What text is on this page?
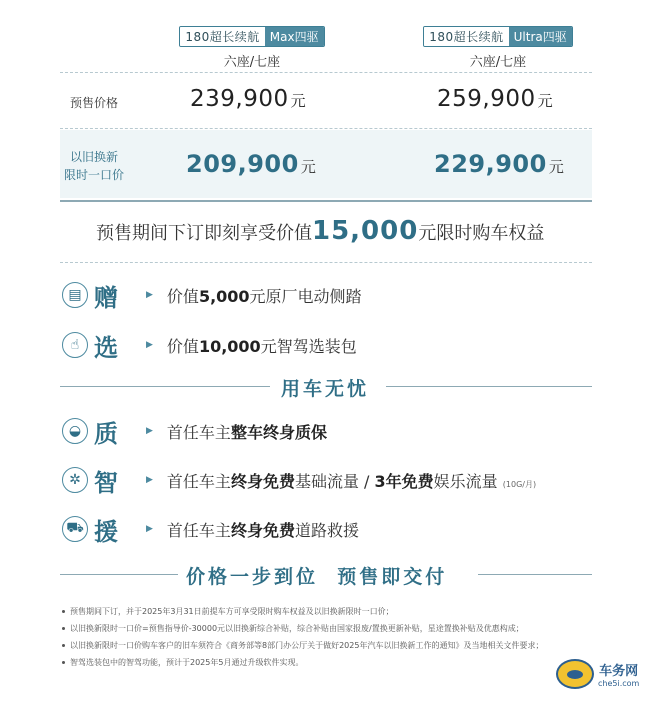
180超长续航 Max四驱
六座/七座
180超长续航 Ultra四驱
六座/七座
预售价格	239,900 元	259,900 元
以旧换新
限时一口价	209,900 元	229,900 元
预售期间下订即刻享受价值15,000元限时购车权益
▤ 赠	▶ 价值5,000元原厂电动侧踏
☝ 选	▶ 价值10,000元智驾选装包
用车无忧
◒ 质	▶ 首任车主整车终身质保
✲ 智	▶ 首任车主终身免费基础流量 / 3年免费娱乐流量 (10G/月)
⛟ 援	▶ 首任车主终身免费道路救援
价格一步到位  预售即交付
预售期间下订，并于2025年3月31日前提车方可享受限时购车权益及以旧换新限时一口价；
以旧换新限时一口价=预售指导价-30000元以旧换新综合补贴，综合补贴由国家报废/置换更新补贴，星途置换补贴及优惠构成；
以旧换新限时一口价购车客户的旧车须符合《商务部等8部门办公厅关于做好2025年汽车以旧换新工作的通知》及当地相关文件要求；
智驾选装包中的智驾功能，预计于2025年5月通过升级软件实现。
车务网
che5i.com
